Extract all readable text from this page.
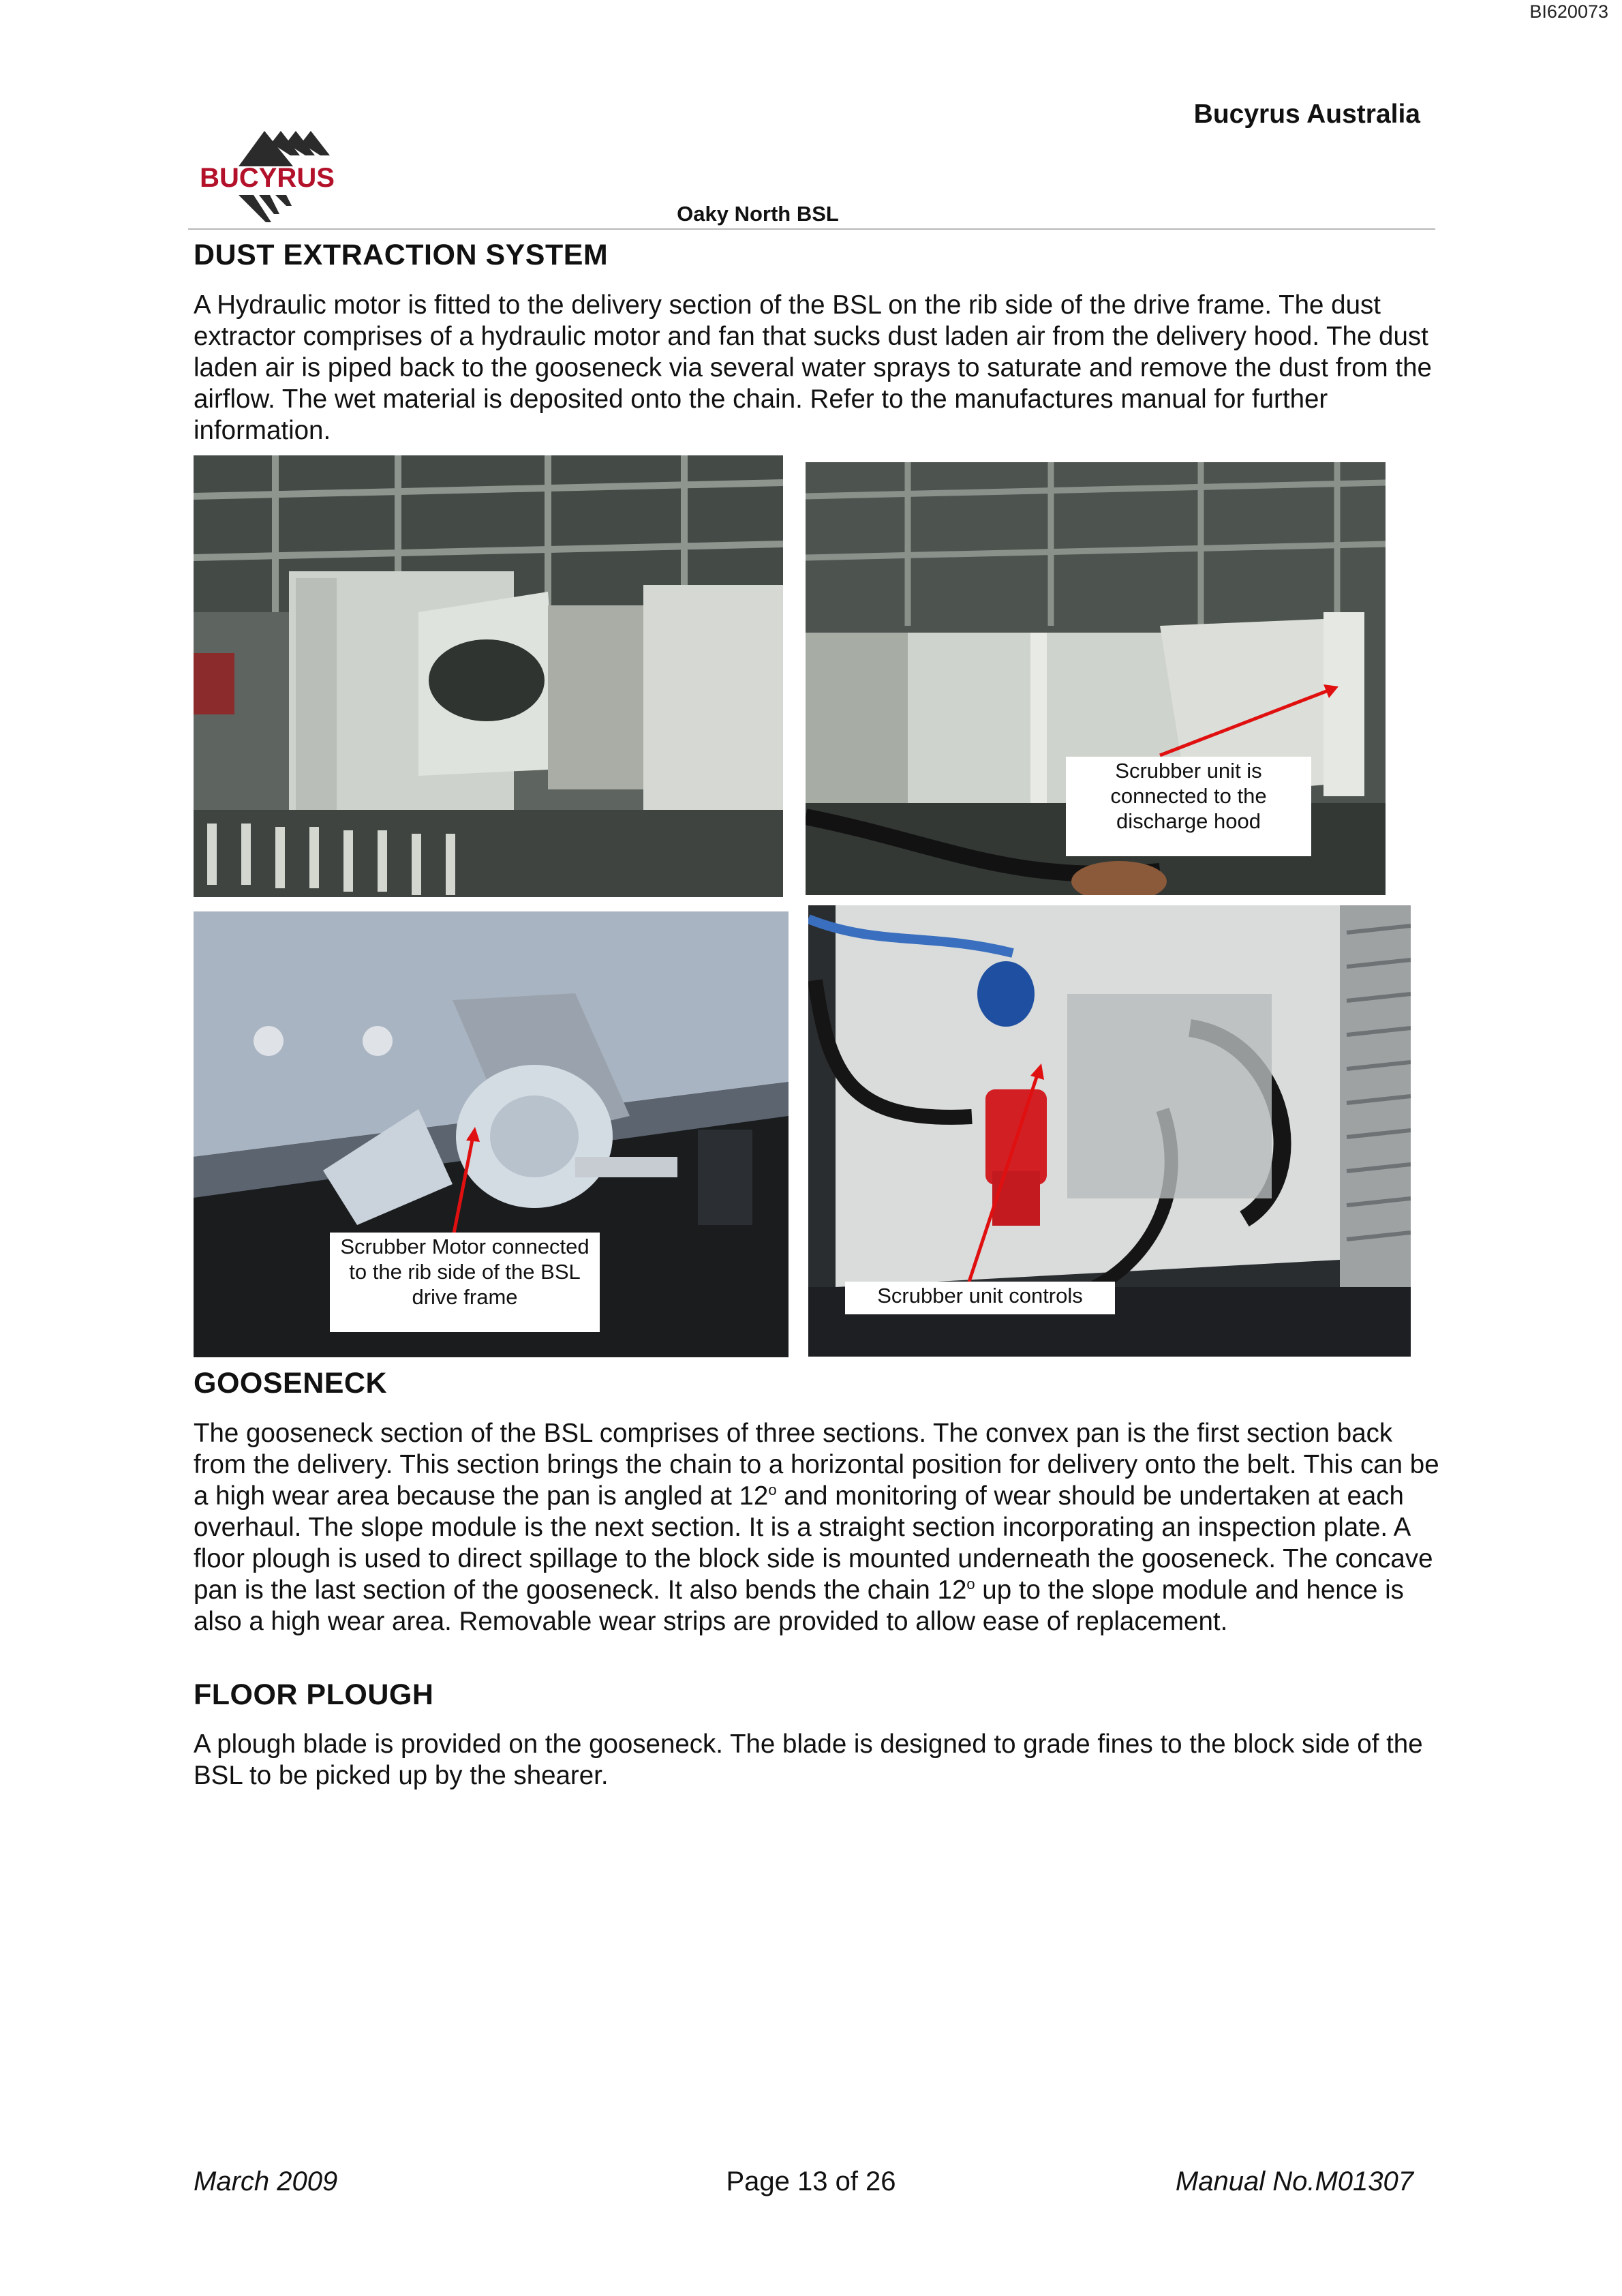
BI620073
Bucyrus Australia
BUCYRUS
Oaky North BSL
DUST EXTRACTION SYSTEM

A Hydraulic motor is fitted to the delivery section of the BSL on the rib side of the drive frame. The dust extractor comprises of a hydraulic motor and fan that sucks dust laden air from the delivery hood. The dust laden air is piped back to the gooseneck via several water sprays to saturate and remove the dust from the airflow. The wet material is deposited onto the chain. Refer to the manufactures manual for further information.

Scrubber unit is connected to the discharge hood
Scrubber Motor connected to the rib side of the BSL drive frame	Scrubber unit controls
GOOSENECK

The gooseneck section of the BSL comprises of three sections. The convex pan is the first section back from the delivery. This section brings the chain to a horizontal position for delivery onto the belt. This can be a high wear area because the pan is angled at 12$^o$ and monitoring of wear should be undertaken at each overhaul. The slope module is the next section. It is a straight section incorporating an inspection plate. A floor plough is used to direct spillage to the block side is mounted underneath the gooseneck. The concave pan is the last section of the gooseneck. It also bends the chain 12$^o$ up to the slope module and hence is also a high wear area. Removable wear strips are provided to allow ease of replacement.

FLOOR PLOUGH

A plough blade is provided on the gooseneck. The blade is designed to grade fines to the block side of the BSL to be picked up by the shearer.

March 2009	Page 13 of 26	Manual No.M01307
